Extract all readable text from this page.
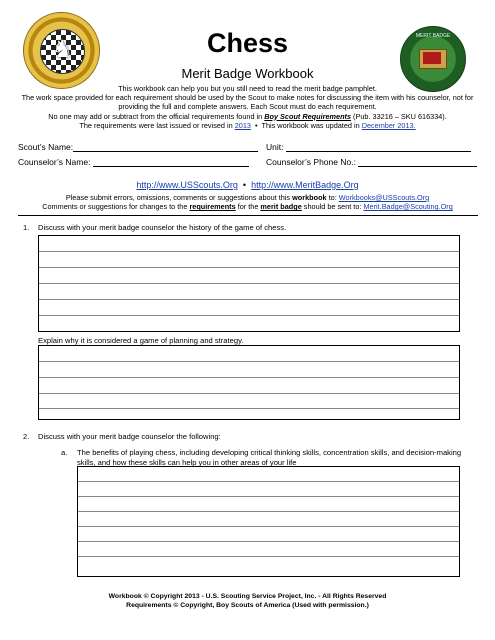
♞	MERIT BADGE
Chess
Merit Badge Workbook
This workbook can help you but you still need to read the merit badge pamphlet.
The work space provided for each requirement should be used by the Scout to make notes for discussing the item with his counselor, not for
providing the full and complete answers. Each Scout must do each requirement.
No one may add or subtract from the official requirements found in Boy Scout Requirements (Pub. 33216 – SKU 616334).
The requirements were last issued or revised in 2013 • This workbook was updated in December 2013.
Scout’s Name:	Unit:
Counselor’s Name:	Counselor’s Phone No.:
http://www.USScouts.Org • http://www.MeritBadge.Org
Please submit errors, omissions, comments or suggestions about this workbook to: Workbooks@USScouts.Org
Comments or suggestions for changes to the requirements for the merit badge should be sent to: Merit.Badge@Scouting.Org
1. Discuss with your merit badge counselor the history of the game of chess.
Explain why it is considered a game of planning and strategy.
2. Discuss with your merit badge counselor the following:
a. The benefits of playing chess, including developing critical thinking skills, concentration skills, and decision-making
skills, and how these skills can help you in other areas of your life
Workbook © Copyright 2013 - U.S. Scouting Service Project, Inc. - All Rights Reserved
Requirements © Copyright, Boy Scouts of America (Used with permission.)
